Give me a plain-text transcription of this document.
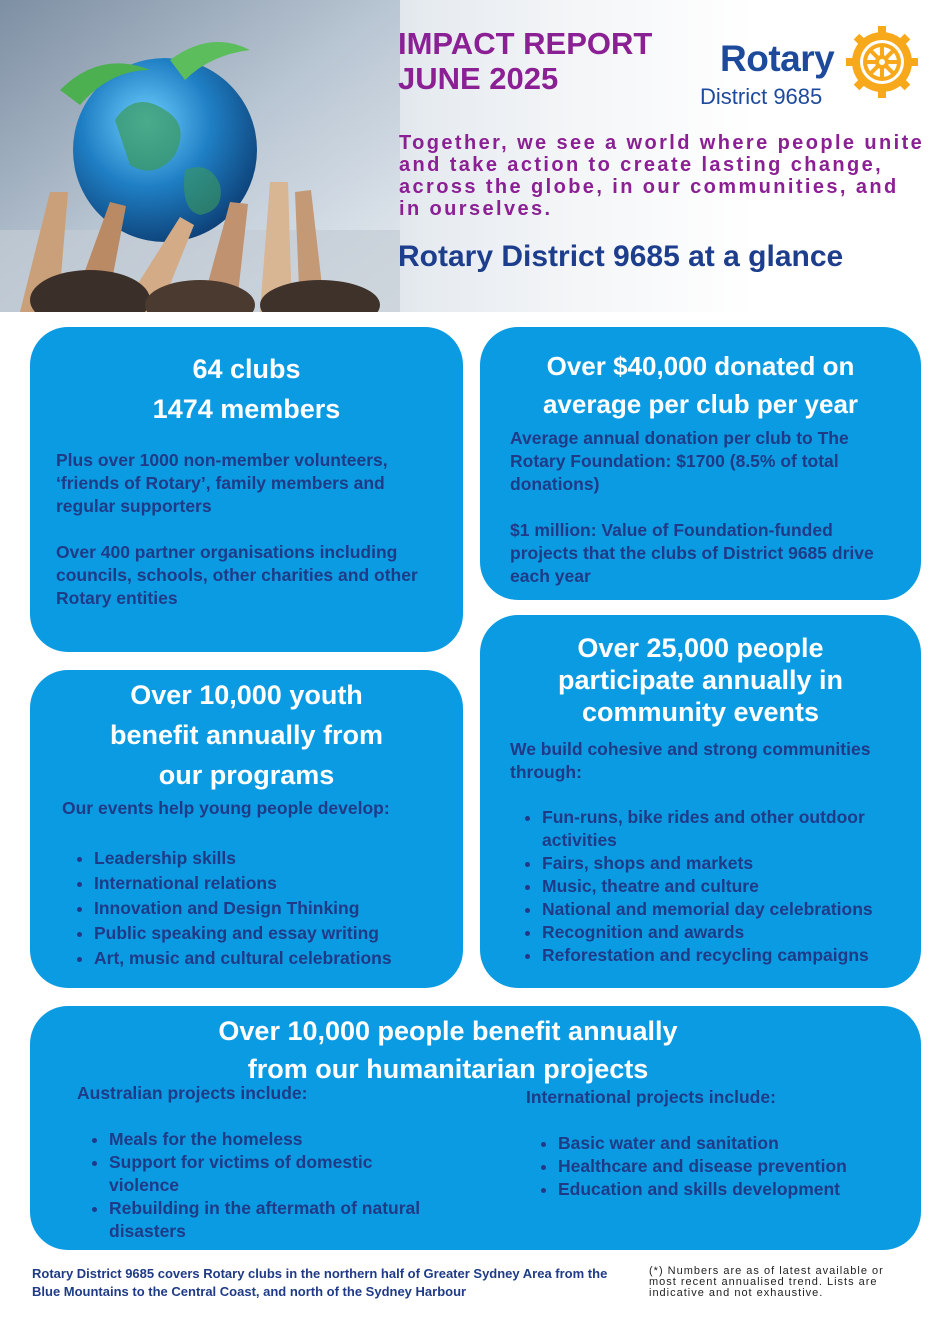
IMPACT REPORT
JUNE 2025	Rotary
District 9685

Together, we see a world where people unite and take action to create lasting change, across the globe, in our communities, and in ourselves.

Rotary District 9685 at a glance
64 clubs
1474 members

Plus over 1000 non-member volunteers, ‘friends of Rotary’, family members and regular supporters

Over 400 partner organisations including councils, schools, other charities and other Rotary entities

Over $40,000 donated on
average per club per year

Average annual donation per club to The Rotary Foundation: $1700 (8.5% of total donations)

$1 million: Value of Foundation-funded projects that the clubs of District 9685 drive each year

Over 10,000 youth
benefit annually from
our programs

Our events help young people develop:

• Leadership skills
• International relations
• Innovation and Design Thinking
• Public speaking and essay writing
• Art, music and cultural celebrations
Over 25,000 people
participate annually in
community events

We build cohesive and strong communities through:

• Fun-runs, bike rides and other outdoor activities
• Fairs, shops and markets
• Music, theatre and culture
• National and memorial day celebrations
• Recognition and awards
• Reforestation and recycling campaigns
Over 10,000 people benefit annually
from our humanitarian projects

Australian projects include:

• Meals for the homeless
• Support for victims of domestic violence
• Rebuilding in the aftermath of natural disasters

International projects include:

• Basic water and sanitation
• Healthcare and disease prevention
• Education and skills development

Rotary District 9685 covers Rotary clubs in the northern half of Greater Sydney Area from the Blue Mountains to the Central Coast, and north of the Sydney Harbour

(*) Numbers are as of latest available or most recent annualised trend. Lists are indicative and not exhaustive.
